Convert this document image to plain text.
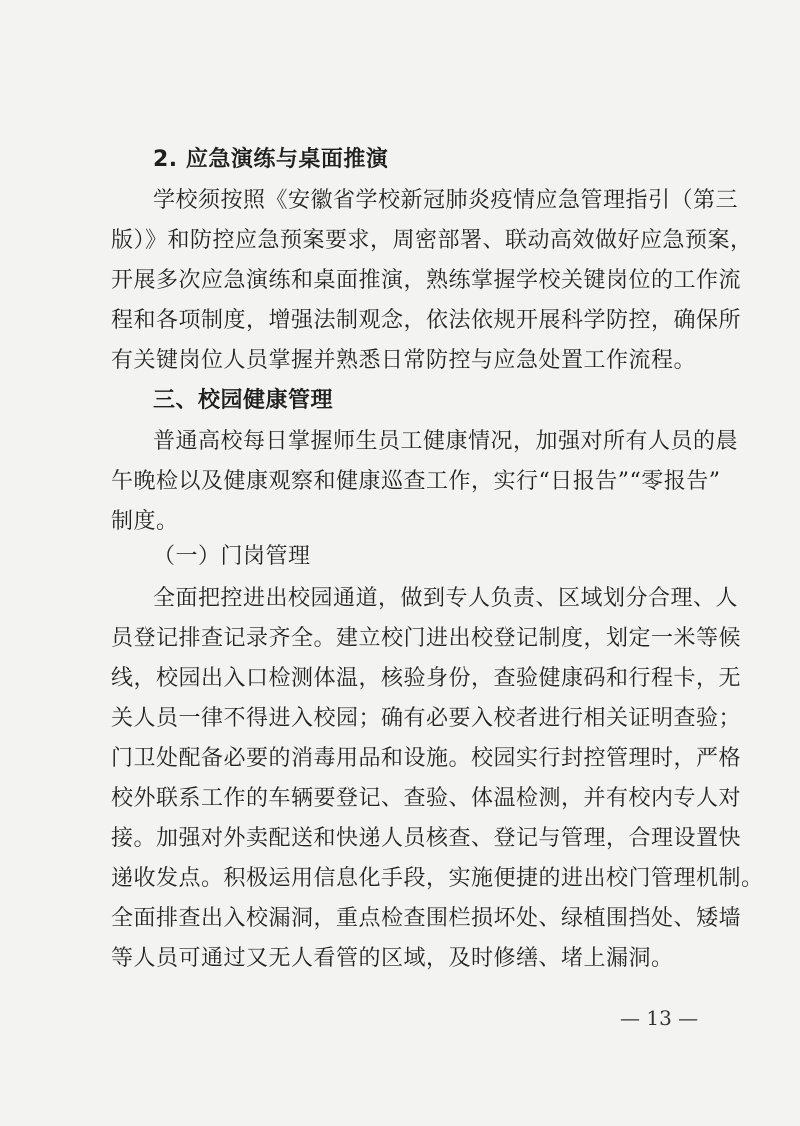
2. 应急演练与桌面推演
学校须按照《安徽省学校新冠肺炎疫情应急管理指引（第三
版）》和防控应急预案要求，周密部署、联动高效做好应急预案，
开展多次应急演练和桌面推演，熟练掌握学校关键岗位的工作流
程和各项制度，增强法制观念，依法依规开展科学防控，确保所
有关键岗位人员掌握并熟悉日常防控与应急处置工作流程。
三、校园健康管理
普通高校每日掌握师生员工健康情况，加强对所有人员的晨
午晚检以及健康观察和健康巡查工作，实行“日报告”“零报告”
制度。
（一）门岗管理
全面把控进出校园通道，做到专人负责、区域划分合理、人
员登记排查记录齐全。建立校门进出校登记制度，划定一米等候
线，校园出入口检测体温，核验身份，查验健康码和行程卡，无
关人员一律不得进入校园；确有必要入校者进行相关证明查验；
门卫处配备必要的消毒用品和设施。校园实行封控管理时，严格
校外联系工作的车辆要登记、查验、体温检测，并有校内专人对
接。加强对外卖配送和快递人员核查、登记与管理，合理设置快
递收发点。积极运用信息化手段，实施便捷的进出校门管理机制。
全面排查出入校漏洞，重点检查围栏损坏处、绿植围挡处、矮墙
等人员可通过又无人看管的区域，及时修缮、堵上漏洞。
— 13 —
